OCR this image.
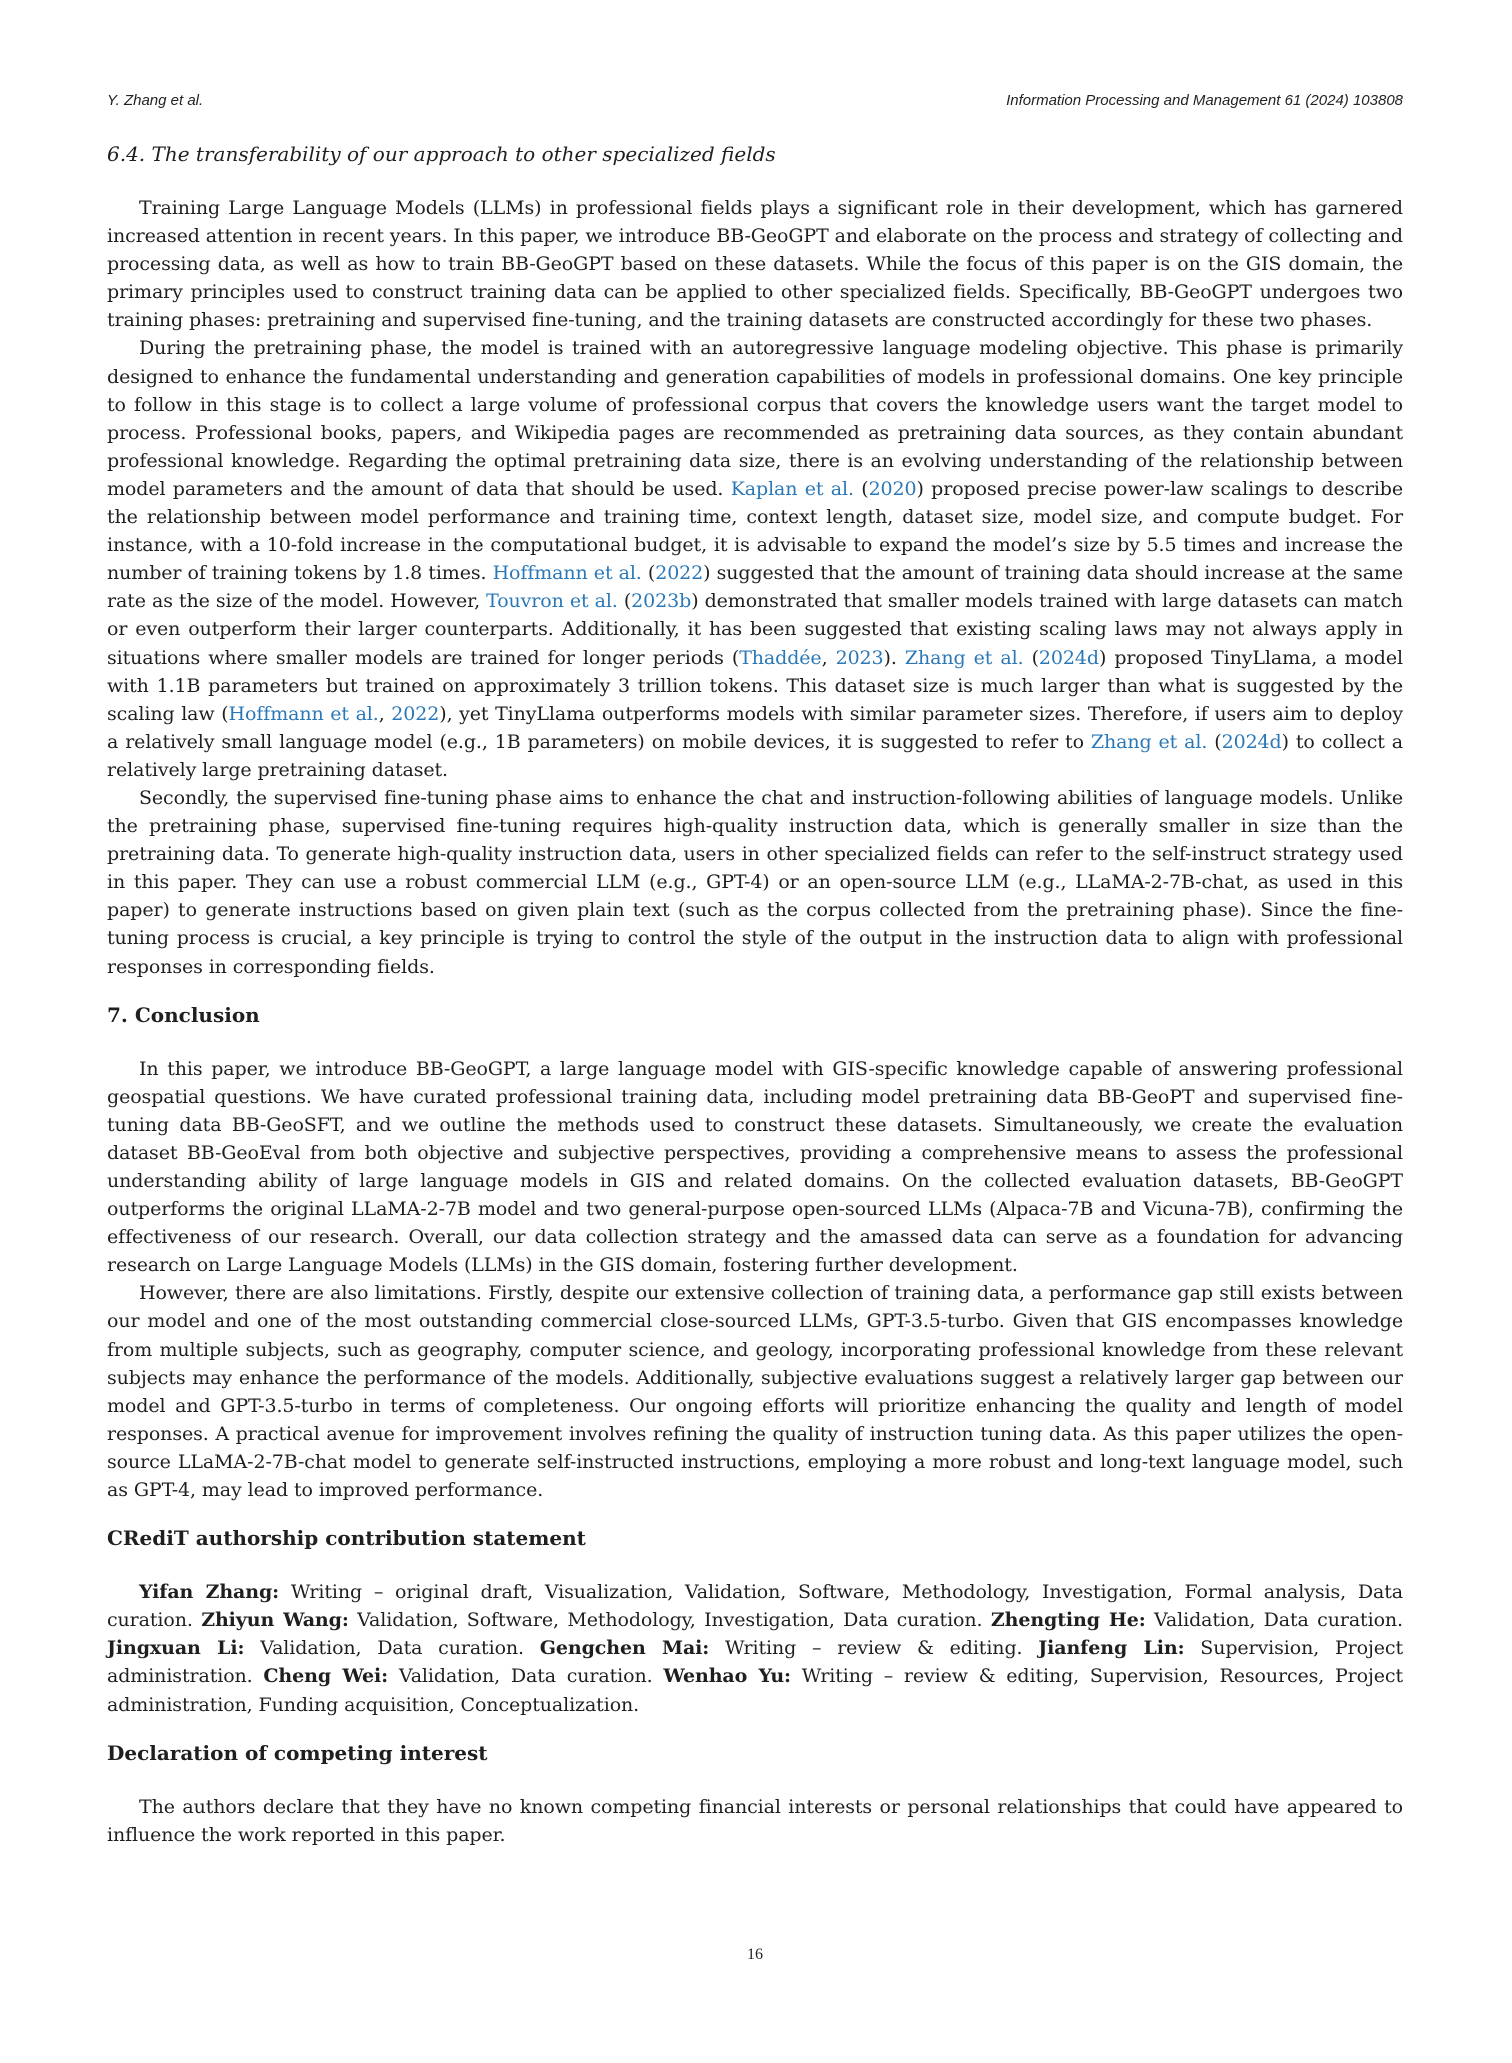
Y. Zhang et al.	Information Processing and Management 61 (2024) 103808
6.4. The transferability of our approach to other specialized fields

Training Large Language Models (LLMs) in professional fields plays a significant role in their development, which has garnered increased attention in recent years. In this paper, we introduce BB-GeoGPT and elaborate on the process and strategy of collecting and processing data, as well as how to train BB-GeoGPT based on these datasets. While the focus of this paper is on the GIS domain, the primary principles used to construct training data can be applied to other specialized fields. Specifically, BB-GeoGPT undergoes two training phases: pretraining and supervised fine-tuning, and the training datasets are constructed accordingly for these two phases.

During the pretraining phase, the model is trained with an autoregressive language modeling objective. This phase is primarily designed to enhance the fundamental understanding and generation capabilities of models in professional domains. One key principle to follow in this stage is to collect a large volume of professional corpus that covers the knowledge users want the target model to process. Professional books, papers, and Wikipedia pages are recommended as pretraining data sources, as they contain abundant professional knowledge. Regarding the optimal pretraining data size, there is an evolving understanding of the relationship between model parameters and the amount of data that should be used. Kaplan et al. (2020) proposed precise power-law scalings to describe the relationship between model performance and training time, context length, dataset size, model size, and compute budget. For instance, with a 10-fold increase in the computational budget, it is advisable to expand the model’s size by 5.5 times and increase the number of training tokens by 1.8 times. Hoffmann et al. (2022) suggested that the amount of training data should increase at the same rate as the size of the model. However, Touvron et al. (2023b) demonstrated that smaller models trained with large datasets can match or even outperform their larger counterparts. Additionally, it has been suggested that existing scaling laws may not always apply in situations where smaller models are trained for longer periods (Thaddée, 2023). Zhang et al. (2024d) proposed TinyLlama, a model with 1.1B parameters but trained on approximately 3 trillion tokens. This dataset size is much larger than what is suggested by the scaling law (Hoffmann et al., 2022), yet TinyLlama outperforms models with similar parameter sizes. Therefore, if users aim to deploy a relatively small language model (e.g., 1B parameters) on mobile devices, it is suggested to refer to Zhang et al. (2024d) to collect a relatively large pretraining dataset.

Secondly, the supervised fine-tuning phase aims to enhance the chat and instruction-following abilities of language models. Unlike the pretraining phase, supervised fine-tuning requires high-quality instruction data, which is generally smaller in size than the pretraining data. To generate high-quality instruction data, users in other specialized fields can refer to the self-instruct strategy used in this paper. They can use a robust commercial LLM (e.g., GPT-4) or an open-source LLM (e.g., LLaMA-2-7B-chat, as used in this paper) to generate instructions based on given plain text (such as the corpus collected from the pretraining phase). Since the fine-tuning process is crucial, a key principle is trying to control the style of the output in the instruction data to align with professional responses in corresponding fields.

7. Conclusion

In this paper, we introduce BB-GeoGPT, a large language model with GIS-specific knowledge capable of answering professional geospatial questions. We have curated professional training data, including model pretraining data BB-GeoPT and supervised fine-tuning data BB-GeoSFT, and we outline the methods used to construct these datasets. Simultaneously, we create the evaluation dataset BB-GeoEval from both objective and subjective perspectives, providing a comprehensive means to assess the professional understanding ability of large language models in GIS and related domains. On the collected evaluation datasets, BB-GeoGPT outperforms the original LLaMA-2-7B model and two general-purpose open-sourced LLMs (Alpaca-7B and Vicuna-7B), confirming the effectiveness of our research. Overall, our data collection strategy and the amassed data can serve as a foundation for advancing research on Large Language Models (LLMs) in the GIS domain, fostering further development.

However, there are also limitations. Firstly, despite our extensive collection of training data, a performance gap still exists between our model and one of the most outstanding commercial close-sourced LLMs, GPT-3.5-turbo. Given that GIS encompasses knowledge from multiple subjects, such as geography, computer science, and geology, incorporating professional knowledge from these relevant subjects may enhance the performance of the models. Additionally, subjective evaluations suggest a relatively larger gap between our model and GPT-3.5-turbo in terms of completeness. Our ongoing efforts will prioritize enhancing the quality and length of model responses. A practical avenue for improvement involves refining the quality of instruction tuning data. As this paper utilizes the open-source LLaMA-2-7B-chat model to generate self-instructed instructions, employing a more robust and long-text language model, such as GPT-4, may lead to improved performance.

CRediT authorship contribution statement

Yifan Zhang: Writing – original draft, Visualization, Validation, Software, Methodology, Investigation, Formal analysis, Data curation. Zhiyun Wang: Validation, Software, Methodology, Investigation, Data curation. Zhengting He: Validation, Data curation. Jingxuan Li: Validation, Data curation. Gengchen Mai: Writing – review & editing. Jianfeng Lin: Supervision, Project administration. Cheng Wei: Validation, Data curation. Wenhao Yu: Writing – review & editing, Supervision, Resources, Project administration, Funding acquisition, Conceptualization.

Declaration of competing interest

The authors declare that they have no known competing financial interests or personal relationships that could have appeared to influence the work reported in this paper.

16
